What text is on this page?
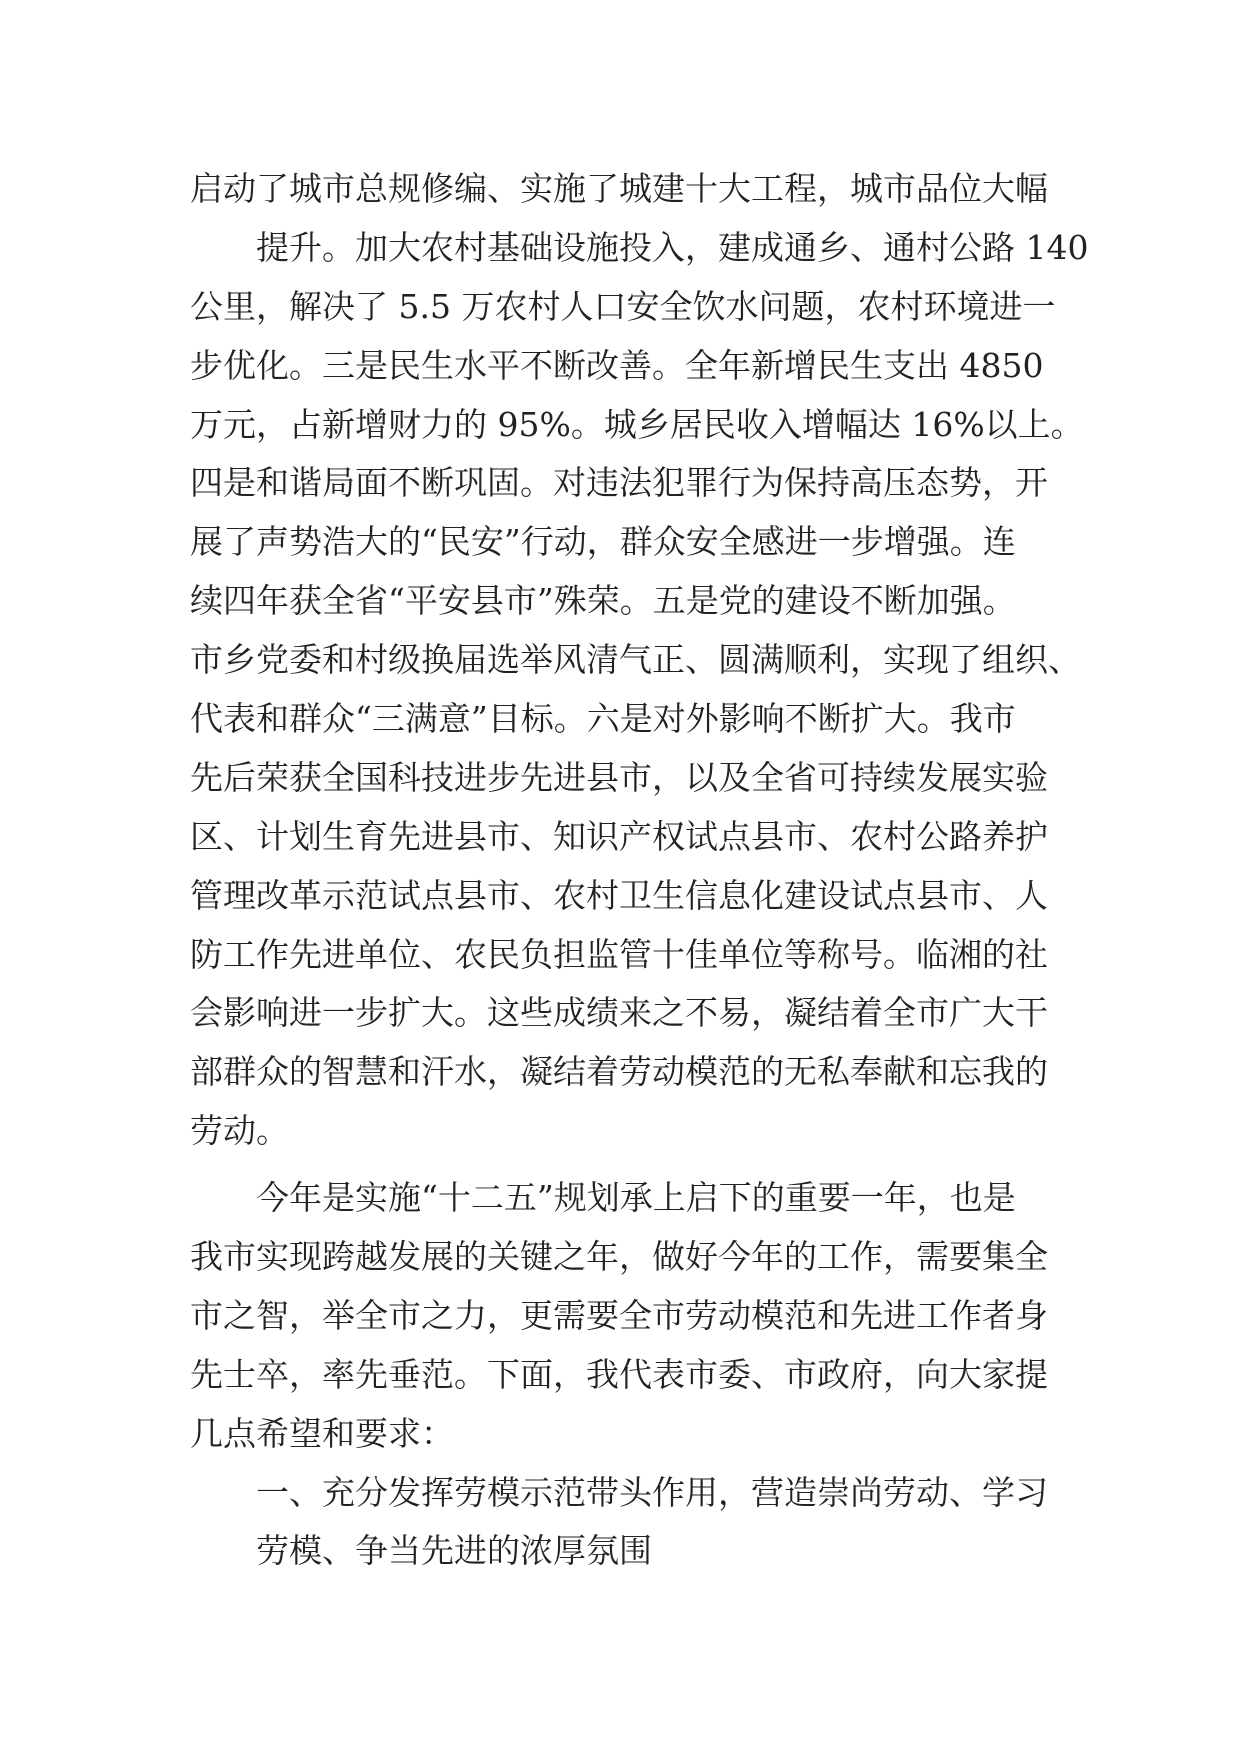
启动了城市总规修编、实施了城建十大工程，城市品位大幅
提升。加大农村基础设施投入，建成通乡、通村公路 140
公里，解决了 5.5 万农村人口安全饮水问题，农村环境进一
步优化。三是民生水平不断改善。全年新增民生支出 4850
万元，占新增财力的 95%。城乡居民收入增幅达 16%以上。
四是和谐局面不断巩固。对违法犯罪行为保持高压态势，开
展了声势浩大的“民安”行动，群众安全感进一步增强。连
续四年获全省“平安县市”殊荣。五是党的建设不断加强。
市乡党委和村级换届选举风清气正、圆满顺利，实现了组织、
代表和群众“三满意”目标。六是对外影响不断扩大。我市
先后荣获全国科技进步先进县市，以及全省可持续发展实验
区、计划生育先进县市、知识产权试点县市、农村公路养护
管理改革示范试点县市、农村卫生信息化建设试点县市、人
防工作先进单位、农民负担监管十佳单位等称号。临湘的社
会影响进一步扩大。这些成绩来之不易，凝结着全市广大干
部群众的智慧和汗水，凝结着劳动模范的无私奉献和忘我的
劳动。
今年是实施“十二五”规划承上启下的重要一年，也是
我市实现跨越发展的关键之年，做好今年的工作，需要集全
市之智，举全市之力，更需要全市劳动模范和先进工作者身
先士卒，率先垂范。下面，我代表市委、市政府，向大家提
几点希望和要求：
一、充分发挥劳模示范带头作用，营造崇尚劳动、学习
劳模、争当先进的浓厚氛围
